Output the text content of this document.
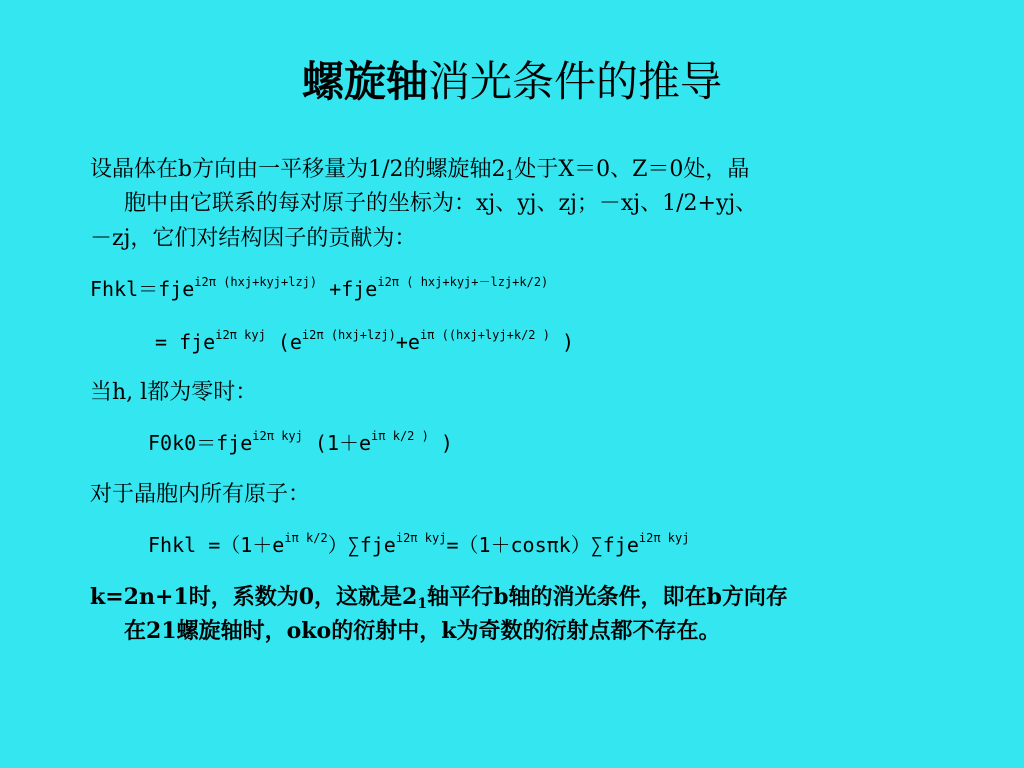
螺旋轴消光条件的推导
设晶体在b方向由一平移量为1/2的螺旋轴$2_1$处于X＝0、Z＝0处，晶
胞中由它联系的每对原子的坐标为：xj、yj、zj；－xj、1/2+yj、
－zj，它们对结构因子的贡献为：
Fhkl＝fje$^{i2\pi (hxj+kyj+lzj)}$ +fje$^{i2\pi ( hxj+kyj+-lzj+k/2)}$
= fje$^{i2\pi kyj}$ ($e^{i2\pi (hxj+lzj)}+e^{i\pi ((hxj+lyj+k/2 )}$ )
当h, l都为零时：
F0k0＝fje$^{i2\pi kyj}$ ($1+e^{i\pi k/2 )}$ )
对于晶胞内所有原子：
Fhkl $=(1+e^{i\pi k/2})\sum fje^{i2\pi kyj}=(1+\cos\pi k)\sum fje^{i2\pi kyj}$
k=2n+1时，系数为0，这就是$2_1$轴平行b轴的消光条件，即在b方向存
在21螺旋轴时，oko的衍射中，k为奇数的衍射点都不存在。
